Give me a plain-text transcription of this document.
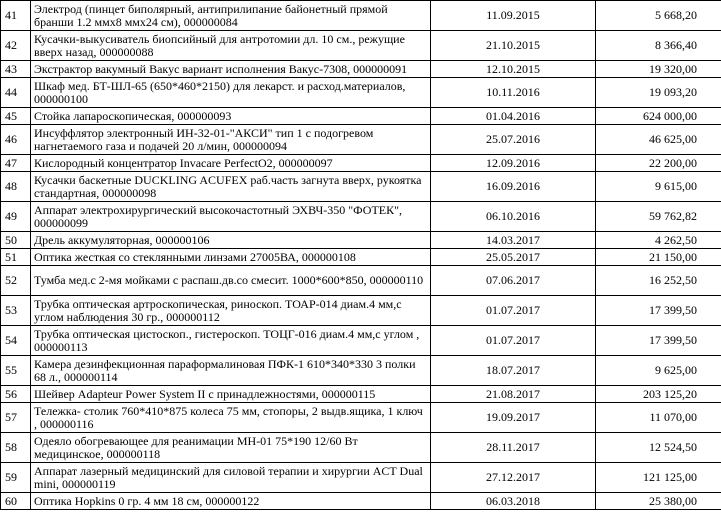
41	Электрод (пинцет биполярный, антиприлипание байонетный прямой бранши 1.2 ммx8 ммx24 см), 000000084	11.09.2015	5 668,20
42	Кусачки-выкусиватель биопсийный для антротомии дл. 10 см., режущие вверх назад, 000000088	21.10.2015	8 366,40
43	Экстрактор вакумный Вакус вариант исполнения Вакус-7308, 000000091	12.10.2015	19 320,00
44	Шкаф мед. БТ-ШЛ-65 (650*460*2150) для лекарст. и расход.материалов, 000000100	10.11.2016	19 093,20
45	Стойка лапароскопическая, 000000093	01.04.2016	624 000,00
46	Инсуффлятор электронный ИН-32-01-"АКСИ" тип 1 с подогревом нагнетаемого газа и подачей 20 л/мин, 000000094	25.07.2016	46 625,00
47	Кислородный концентратор Invacare PerfectO2, 000000097	12.09.2016	22 200,00
48	Кусачки баскетные DUCKLING ACUFEX раб.часть загнута вверх, рукоятка стандартная, 000000098	16.09.2016	9 615,00
49	Аппарат электрохирургический высокочастотный ЭХВЧ-350 "ФОТЕК", 000000099	06.10.2016	59 762,82
50	Дрель аккумуляторная, 000000106	14.03.2017	4 262,50
51	Оптика жесткая со стеклянными линзами 27005ВА, 000000108	25.05.2017	21 150,00
52	Тумба мед.с 2-мя мойками с распаш.дв.со смесит. 1000*600*850, 000000110	07.06.2017	16 252,50
53	Трубка оптическая артроскопическая, риноскоп. ТОАР-014 диам.4 мм,с углом наблюдения 30 гр., 000000112	01.07.2017	17 399,50
54	Трубка оптическая цистоскоп., гистероскоп. ТОЦГ-016 диам.4 мм,с углом , 000000113	01.07.2017	17 399,50
55	Камера дезинфекционная параформалиновая ПФК-1 610*340*330 3 полки 68 л., 000000114	18.07.2017	9 625,00
56	Шейвер Adapteur Power System II с принадлежностями, 000000115	21.08.2017	203 125,20
57	Тележка- столик 760*410*875 колеса 75 мм, стопоры, 2 выдв.ящика, 1 ключ , 000000116	19.09.2017	11 070,00
58	Одеяло обогревающее для реанимации МН-01 75*190 12/60 Вт медицинское, 000000118	28.11.2017	12 524,50
59	Аппарат лазерный медицинский для силовой терапии и хирургии ACT Dual mini, 000000119	27.12.2017	121 125,00
60	Оптика Hopkins 0 гр. 4 мм 18 см, 000000122	06.03.2018	25 380,00
